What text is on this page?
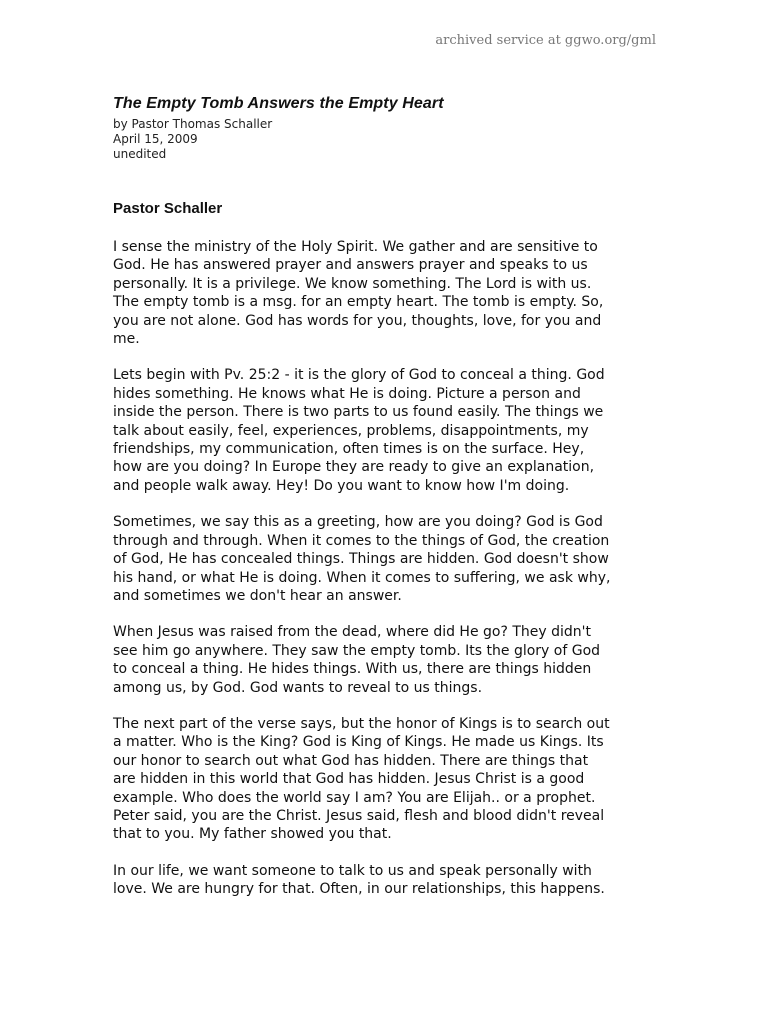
archived service at ggwo.org/gml
The Empty Tomb Answers the Empty Heart
by Pastor Thomas Schaller
April 15, 2009
unedited
Pastor Schaller

I sense the ministry of the Holy Spirit. We gather and are sensitive to
God. He has answered prayer and answers prayer and speaks to us
personally. It is a privilege. We know something. The Lord is with us.
The empty tomb is a msg. for an empty heart. The tomb is empty. So,
you are not alone. God has words for you, thoughts, love, for you and
me.

Lets begin with Pv. 25:2 - it is the glory of God to conceal a thing. God
hides something. He knows what He is doing. Picture a person and
inside the person. There is two parts to us found easily. The things we
talk about easily, feel, experiences, problems, disappointments, my
friendships, my communication, often times is on the surface. Hey,
how are you doing? In Europe they are ready to give an explanation,
and people walk away. Hey! Do you want to know how I'm doing.

Sometimes, we say this as a greeting, how are you doing? God is God
through and through. When it comes to the things of God, the creation
of God, He has concealed things. Things are hidden. God doesn't show
his hand, or what He is doing. When it comes to suffering, we ask why,
and sometimes we don't hear an answer.

When Jesus was raised from the dead, where did He go? They didn't
see him go anywhere. They saw the empty tomb. Its the glory of God
to conceal a thing. He hides things. With us, there are things hidden
among us, by God. God wants to reveal to us things.

The next part of the verse says, but the honor of Kings is to search out
a matter. Who is the King? God is King of Kings. He made us Kings. Its
our honor to search out what God has hidden. There are things that
are hidden in this world that God has hidden. Jesus Christ is a good
example. Who does the world say I am? You are Elijah.. or a prophet.
Peter said, you are the Christ. Jesus said, flesh and blood didn't reveal
that to you. My father showed you that.

In our life, we want someone to talk to us and speak personally with
love. We are hungry for that. Often, in our relationships, this happens.
